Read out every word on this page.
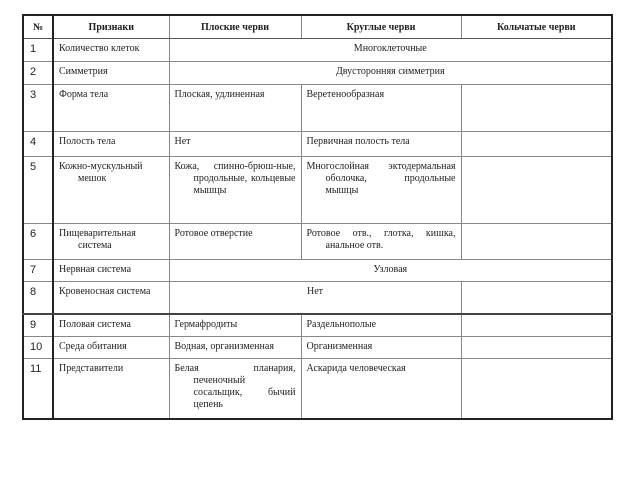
№	Признаки	Плоские черви	Круглые черви	Кольчатые черви
1	Количество клеток	Многоклеточные		
2	Симметрия	Двусторонняя симметрия		
3	Форма тела	Плоская, удлиненная	Веретенообразная	
4	Полость тела	Нет	Первичная полость тела	
5	Кожно-мускульный мешок	Кожа, спинно-брюш-ные, продольные, кольцевые мышцы	Многослойная эктодермальная оболочка, продольные мышцы	
6	Пищеварительная система	Ротовое отверстие	Ротовое отв., глотка, кишка, анальное отв.	
7	Нервная система	Узловая		
8	Кровеносная система	Нет		
9	Половая система	Гермафродиты	Раздельнополые	
10	Среда обитания	Водная, организменная	Организменная	
11	Представители	Белая планария, печеночный сосальщик, бычий цепень	Аскарида человеческая	
